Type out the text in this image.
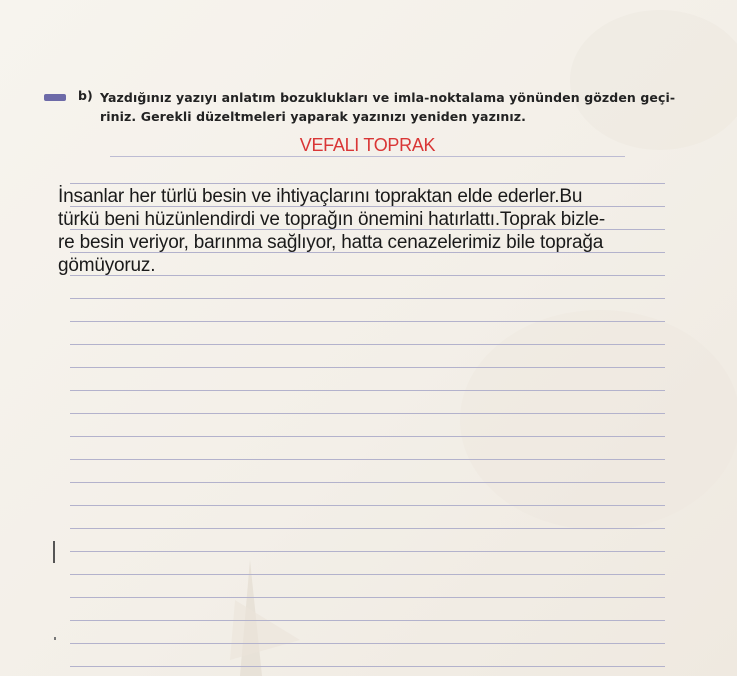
b) Yazdığınız yazıyı anlatım bozuklukları ve imla-noktalama yönünden gözden geçi-
riniz. Gerekli düzeltmeleri yaparak yazınızı yeniden yazınız.
VEFALI TOPRAK
İnsanlar her türlü besin ve ihtiyaçlarını topraktan elde ederler.Bu
türkü beni hüzünlendirdi ve toprağın önemini hatırlattı.Toprak bizle-
re besin veriyor, barınma sağlıyor, hatta cenazelerimiz bile toprağa
gömüyoruz.
